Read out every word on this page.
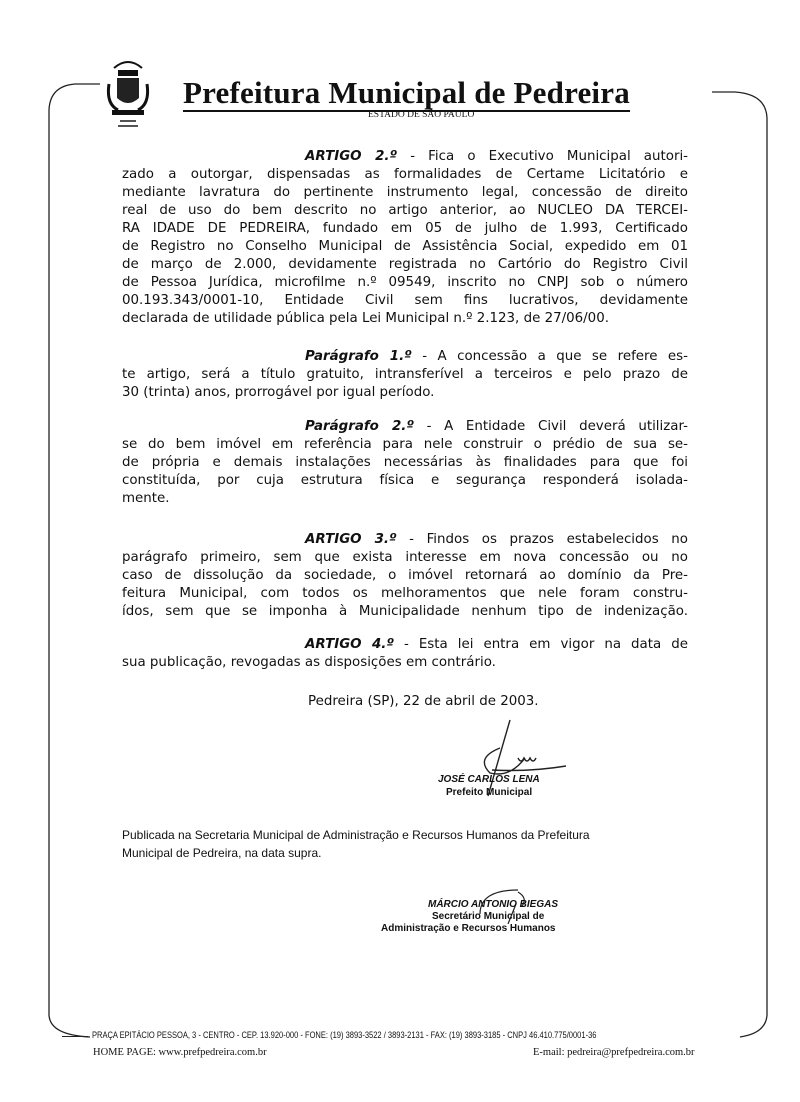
Prefeitura Municipal de Pedreira
ESTADO DE SÃO PAULO
ARTIGO 2.º - Fica o Executivo Municipal autori-
zado a outorgar, dispensadas as formalidades de Certame Licitatório e
mediante lavratura do pertinente instrumento legal, concessão de direito
real de uso do bem descrito no artigo anterior, ao NUCLEO DA TERCEI-
RA IDADE DE PEDREIRA, fundado em 05 de julho de 1.993, Certificado
de Registro no Conselho Municipal de Assistência Social, expedido em 01
de março de 2.000, devidamente registrada no Cartório do Registro Civil
de Pessoa Jurídica, microfilme n.º 09549, inscrito no CNPJ sob o número
00.193.343/0001-10, Entidade Civil sem fins lucrativos, devidamente
declarada de utilidade pública pela Lei Municipal n.º 2.123, de 27/06/00.
Parágrafo 1.º - A concessão a que se refere es-
te artigo, será a título gratuito, intransferível a terceiros e pelo prazo de
30 (trinta) anos, prorrogável por igual período.
Parágrafo 2.º - A Entidade Civil deverá utilizar-
se do bem imóvel em referência para nele construir o prédio de sua se-
de própria e demais instalações necessárias às finalidades para que foi
constituída, por cuja estrutura física e segurança responderá isolada-
mente.
ARTIGO 3.º - Findos os prazos estabelecidos no
parágrafo primeiro, sem que exista interesse em nova concessão ou no
caso de dissolução da sociedade, o imóvel retornará ao domínio da Pre-
feitura Municipal, com todos os melhoramentos que nele foram constru-
ídos, sem que se imponha à Municipalidade nenhum tipo de indenização.
ARTIGO 4.º - Esta lei entra em vigor na data de
sua publicação, revogadas as disposições em contrário.
Pedreira (SP), 22 de abril de 2003.
JOSÉ CARLOS LENA
Prefeito Municipal
Publicada na Secretaria Municipal de Administração e Recursos Humanos da Prefeitura
Municipal de Pedreira, na data supra.
MÁRCIO ANTONIO BIEGAS
Secretário Municipal de
Administração e Recursos Humanos
PRAÇA EPITÁCIO PESSOA, 3 - CENTRO - CEP. 13.920-000 - FONE: (19) 3893-3522 / 3893-2131 - FAX: (19) 3893-3185 - CNPJ 46.410.775/0001-36
HOME PAGE: www.prefpedreira.com.br	E-mail: pedreira@prefpedreira.com.br
